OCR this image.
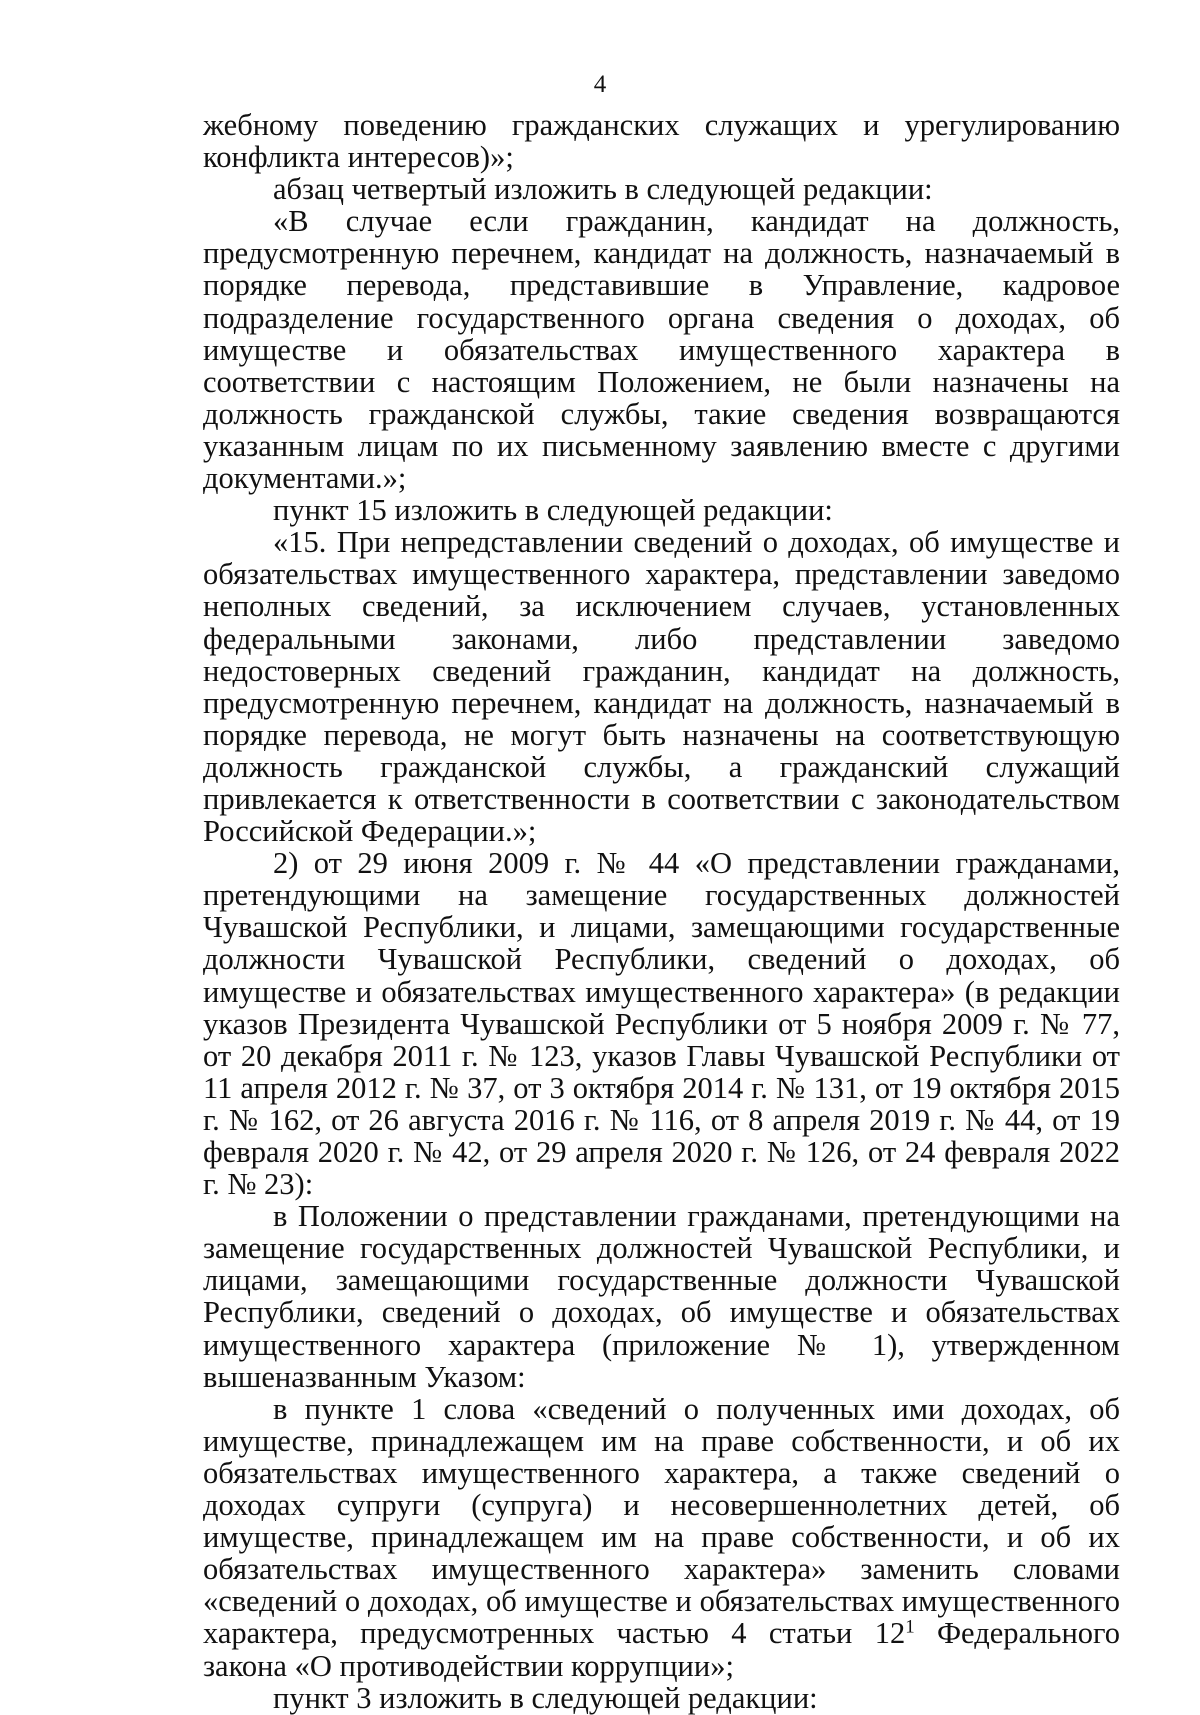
4

жебному поведению гражданских служащих и урегулированию конфликта интересов)»;

абзац четвертый изложить в следующей редакции:

«В случае если гражданин, кандидат на должность, предусмотренную перечнем, кандидат на должность, назначаемый в порядке перевода, представившие в Управление, кадровое подразделение государственного органа сведения о доходах, об имуществе и обязательствах имущественного характера в соответствии с настоящим Положением, не были назначены на должность гражданской службы, такие сведения возвращаются указанным лицам по их письменному заявлению вместе с другими документами.»;

пункт 15 изложить в следующей редакции:

«15. При непредставлении сведений о доходах, об имуществе и обязательствах имущественного характера, представлении заведомо неполных сведений, за исключением случаев, установленных федеральными законами, либо представлении заведомо недостоверных сведений гражданин, кандидат на должность, предусмотренную перечнем, кандидат на должность, назначаемый в порядке перевода, не могут быть назначены на соответствующую должность гражданской службы, а гражданский служащий привлекается к ответственности в соответствии с законодательством Российской Федерации.»;

2) от 29 июня 2009 г. № 44 «О представлении гражданами, претендующими на замещение государственных должностей Чувашской Республики, и лицами, замещающими государственные должности Чувашской Республики, сведений о доходах, об имуществе и обязательствах имущественного характера» (в редакции указов Президента Чувашской Республики от 5 ноября 2009 г. № 77, от 20 декабря 2011 г. № 123, указов Главы Чувашской Республики от 11 апреля 2012 г. № 37, от 3 октября 2014 г. № 131, от 19 октября 2015 г. № 162, от 26 августа 2016 г. № 116, от 8 апреля 2019 г. № 44, от 19 февраля 2020 г. № 42, от 29 апреля 2020 г. № 126, от 24 февраля 2022 г. № 23):

в Положении о представлении гражданами, претендующими на замещение государственных должностей Чувашской Республики, и лицами, замещающими государственные должности Чувашской Республики, сведений о доходах, об имуществе и обязательствах имущественного характера (приложение № 1), утвержденном вышеназванным Указом:

в пункте 1 слова «сведений о полученных ими доходах, об имуществе, принадлежащем им на праве собственности, и об их обязательствах имущественного характера, а также сведений о доходах супруги (супруга) и несовершеннолетних детей, об имуществе, принадлежащем им на праве собственности, и об их обязательствах имущественного характера» заменить словами «сведений о доходах, об имуществе и обязательствах имущественного характера, предусмотренных частью 4 статьи $12^1$ Федерального закона «О противодействии коррупции»;

пункт 3 изложить в следующей редакции:
